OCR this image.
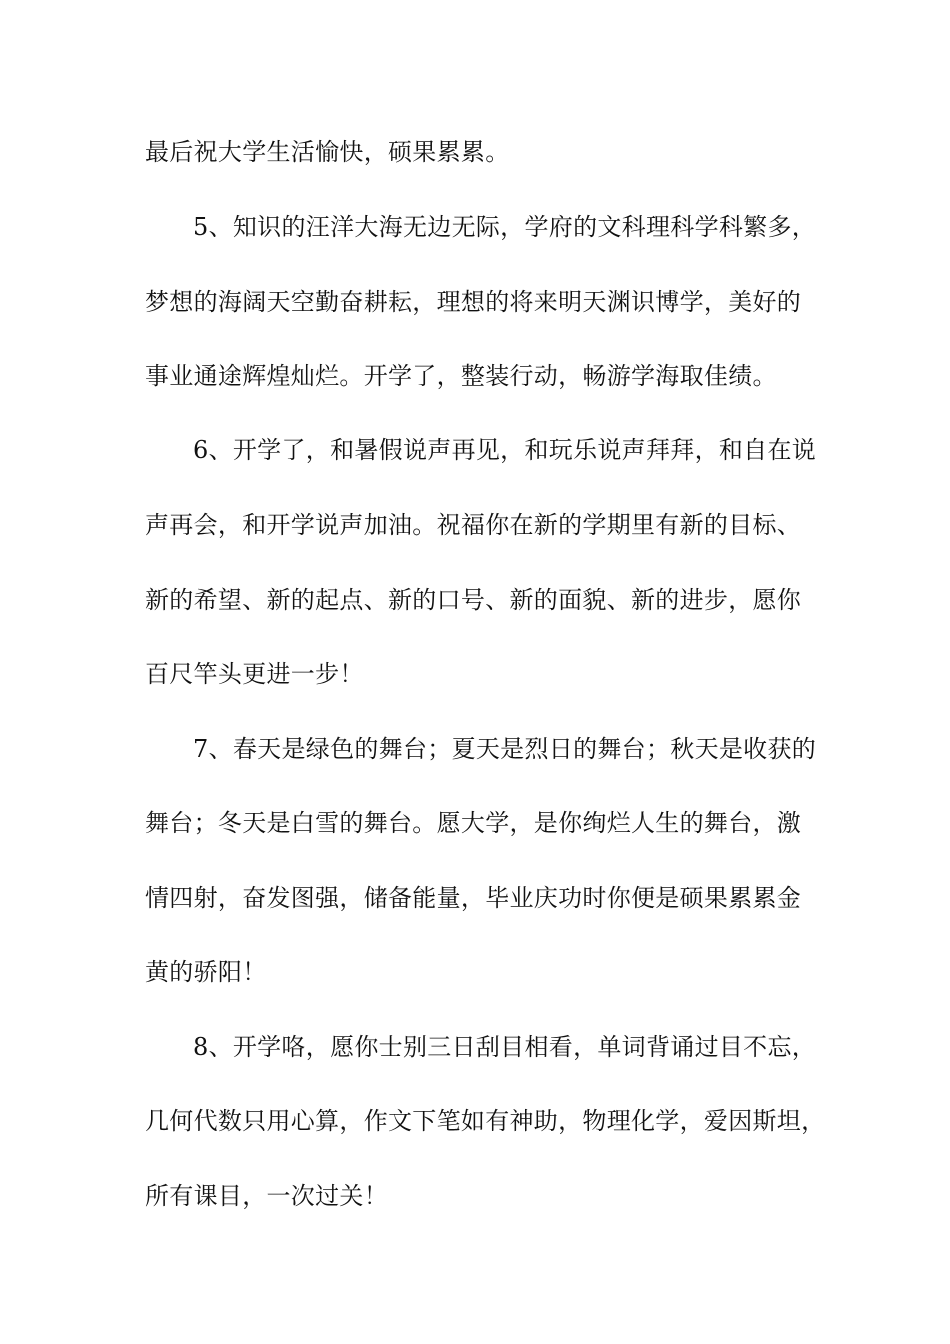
最后祝大学生活愉快，硕果累累。
5、知识的汪洋大海无边无际，学府的文科理科学科繁多，
梦想的海阔天空勤奋耕耘，理想的将来明天渊识博学，美好的
事业通途辉煌灿烂。开学了，整装行动，畅游学海取佳绩。
6、开学了，和暑假说声再见，和玩乐说声拜拜，和自在说
声再会，和开学说声加油。祝福你在新的学期里有新的目标、
新的希望、新的起点、新的口号、新的面貌、新的进步，愿你
百尺竿头更进一步！
7、春天是绿色的舞台；夏天是烈日的舞台；秋天是收获的
舞台；冬天是白雪的舞台。愿大学，是你绚烂人生的舞台，激
情四射，奋发图强，储备能量，毕业庆功时你便是硕果累累金
黄的骄阳！
8、开学咯，愿你士别三日刮目相看，单词背诵过目不忘，
几何代数只用心算，作文下笔如有神助，物理化学，爱因斯坦，
所有课目，一次过关！
